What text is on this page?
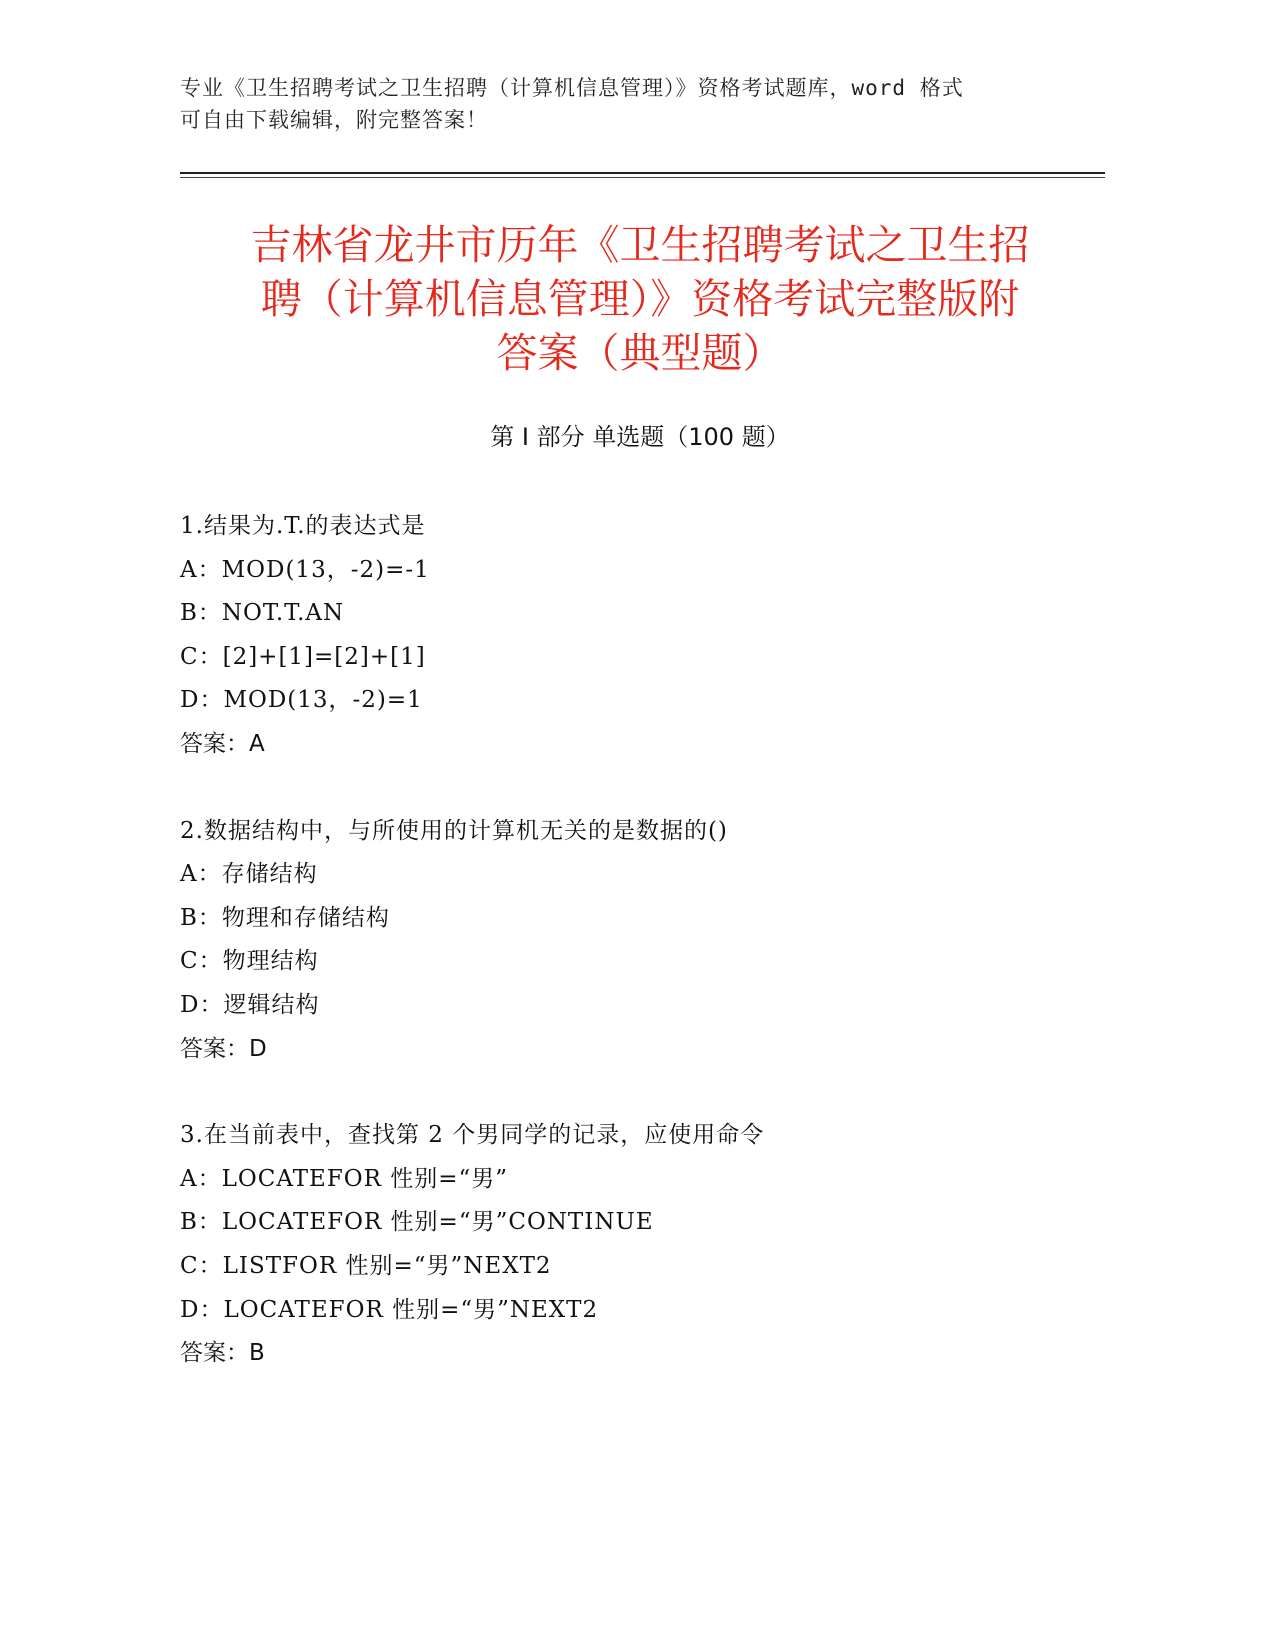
专业《卫生招聘考试之卫生招聘（计算机信息管理）》资格考试题库，word 格式
可自由下载编辑，附完整答案！
吉林省龙井市历年《卫生招聘考试之卫生招
聘（计算机信息管理）》资格考试完整版附
答案（典型题）
第 I 部分 单选题（100 题）
1.结果为.T.的表达式是
A：MOD(13，-2)=-1
B：NOT.T.AN
C：[2]+[1]=[2]+[1]
D：MOD(13，-2)=1
答案：A
2.数据结构中，与所使用的计算机无关的是数据的()
A：存储结构
B：物理和存储结构
C：物理结构
D：逻辑结构
答案：D
3.在当前表中，查找第 2 个男同学的记录，应使用命令
A：LOCATEFOR 性别=“男”
B：LOCATEFOR 性别=“男”CONTINUE
C：LISTFOR 性别=“男”NEXT2
D：LOCATEFOR 性别=“男”NEXT2
答案：B
